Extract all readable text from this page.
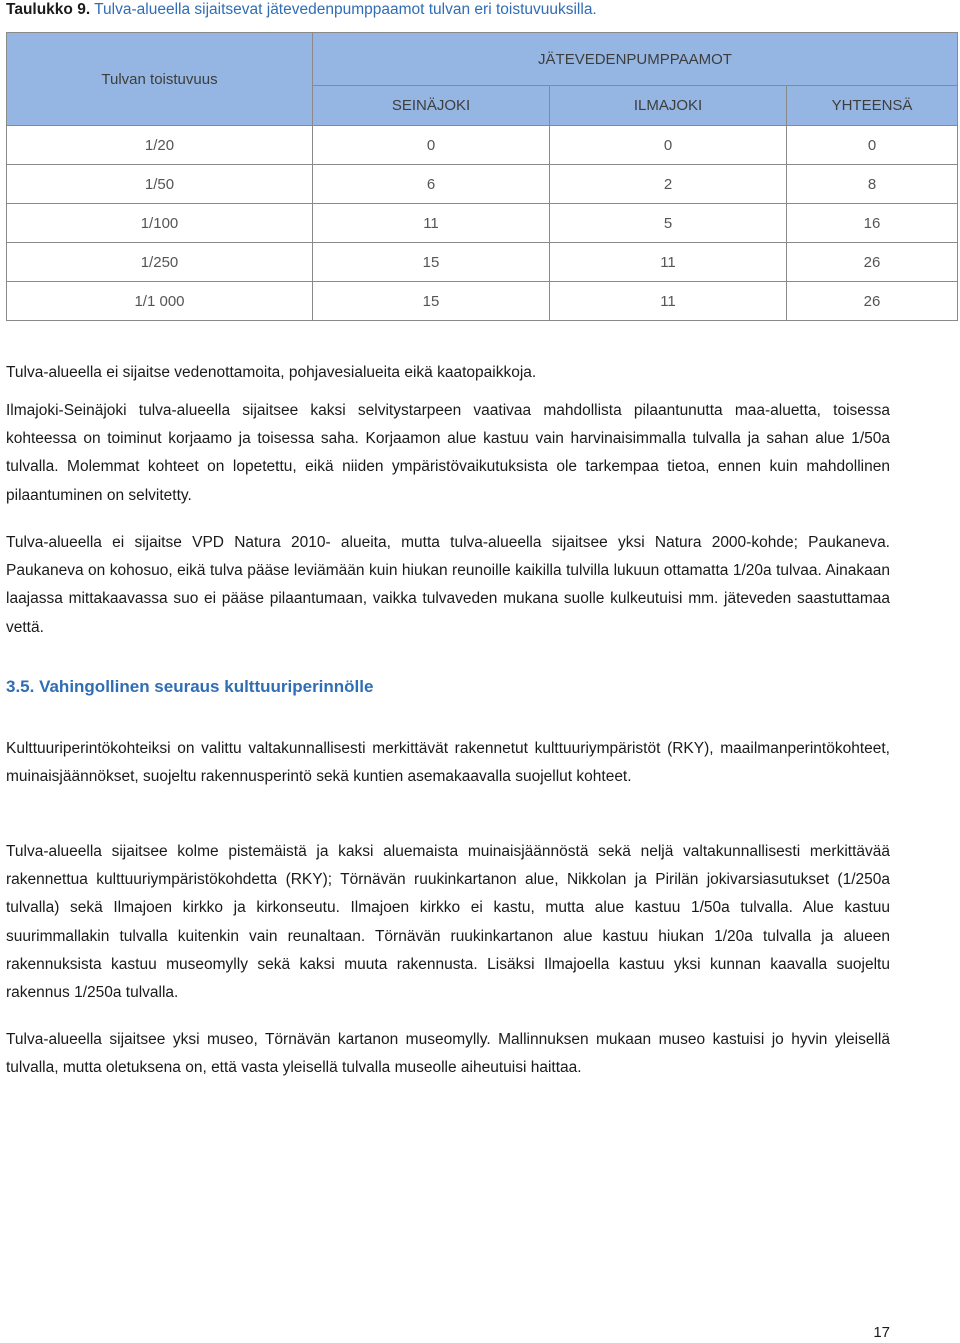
Taulukko 9. Tulva-alueella sijaitsevat jätevedenpumppaamot tulvan eri toistuvuuksilla.
Tulvan toistuvuus	JÄTEVEDENPUMPPAAMOT		
	SEINÄJOKI	ILMAJOKI	YHTEENSÄ
1/20	0	0	0
1/50	6	2	8
1/100	11	5	16
1/250	15	11	26
1/1 000	15	11	26

Tulva-alueella ei sijaitse vedenottamoita, pohjavesialueita eikä kaatopaikkoja.

Ilmajoki-Seinäjoki tulva-alueella sijaitsee kaksi selvitystarpeen vaativaa mahdollista pilaantunutta maa-aluetta, toisessa kohteessa on toiminut korjaamo ja toisessa saha. Korjaamon alue kastuu vain harvinaisimmalla tulvalla ja sahan alue 1/50a tulvalla. Molemmat kohteet on lopetettu, eikä niiden ympäristövaikutuksista ole tarkempaa tietoa, ennen kuin mahdollinen pilaantuminen on selvitetty.

Tulva-alueella ei sijaitse VPD Natura 2010- alueita, mutta tulva-alueella sijaitsee yksi Natura 2000-kohde; Paukaneva. Paukaneva on kohosuo, eikä tulva pääse leviämään kuin hiukan reunoille kaikilla tulvilla lukuun ottamatta 1/20a tulvaa. Ainakaan laajassa mittakaavassa suo ei pääse pilaantumaan, vaikka tulvaveden mukana suolle kulkeutuisi mm. jäteveden saastuttamaa vettä.

3.5. Vahingollinen seuraus kulttuuriperinnölle

Kulttuuriperintökohteiksi on valittu valtakunnallisesti merkittävät rakennetut kulttuuriympäristöt (RKY), maailmanperintökohteet, muinaisjäännökset, suojeltu rakennusperintö sekä kuntien asemakaavalla suojellut kohteet.

Tulva-alueella sijaitsee kolme pistemäistä ja kaksi aluemaista muinaisjäännöstä sekä neljä valtakunnallisesti merkittävää rakennettua kulttuuriympäristökohdetta (RKY); Törnävän ruukinkartanon alue, Nikkolan ja Pirilän jokivarsiasutukset (1/250a tulvalla) sekä Ilmajoen kirkko ja kirkonseutu. Ilmajoen kirkko ei kastu, mutta alue kastuu 1/50a tulvalla. Alue kastuu suurimmallakin tulvalla kuitenkin vain reunaltaan. Törnävän ruukinkartanon alue kastuu hiukan 1/20a tulvalla ja alueen rakennuksista kastuu museomylly sekä kaksi muuta rakennusta. Lisäksi Ilmajoella kastuu yksi kunnan kaavalla suojeltu rakennus 1/250a tulvalla.

Tulva-alueella sijaitsee yksi museo, Törnävän kartanon museomylly. Mallinnuksen mukaan museo kastuisi jo hyvin yleisellä tulvalla, mutta oletuksena on, että vasta yleisellä tulvalla museolle aiheutuisi haittaa.

17
